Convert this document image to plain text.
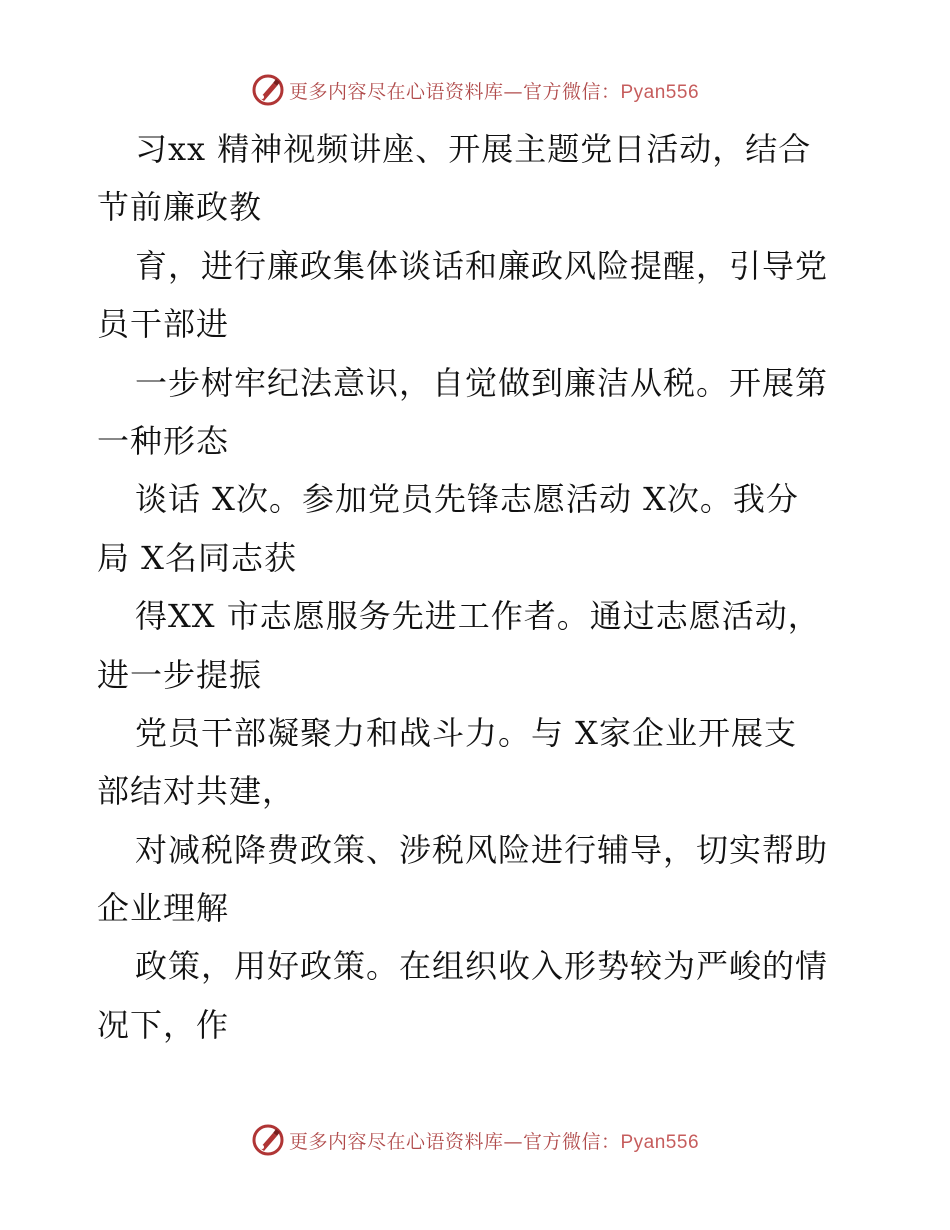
更多内容尽在心语资料库—官方微信：Pyan556
习xx 精神视频讲座、开展主题党日活动，结合
节前廉政教
育，进行廉政集体谈话和廉政风险提醒，引导党
员干部进
一步树牢纪法意识，自觉做到廉洁从税。开展第
一种形态
谈话 X次。参加党员先锋志愿活动 X次。我分
局 X名同志获
得XX 市志愿服务先进工作者。通过志愿活动，
进一步提振
党员干部凝聚力和战斗力。与 X家企业开展支
部结对共建，
对减税降费政策、涉税风险进行辅导，切实帮助
企业理解
政策，用好政策。在组织收入形势较为严峻的情
况下，作
更多内容尽在心语资料库—官方微信：Pyan556
